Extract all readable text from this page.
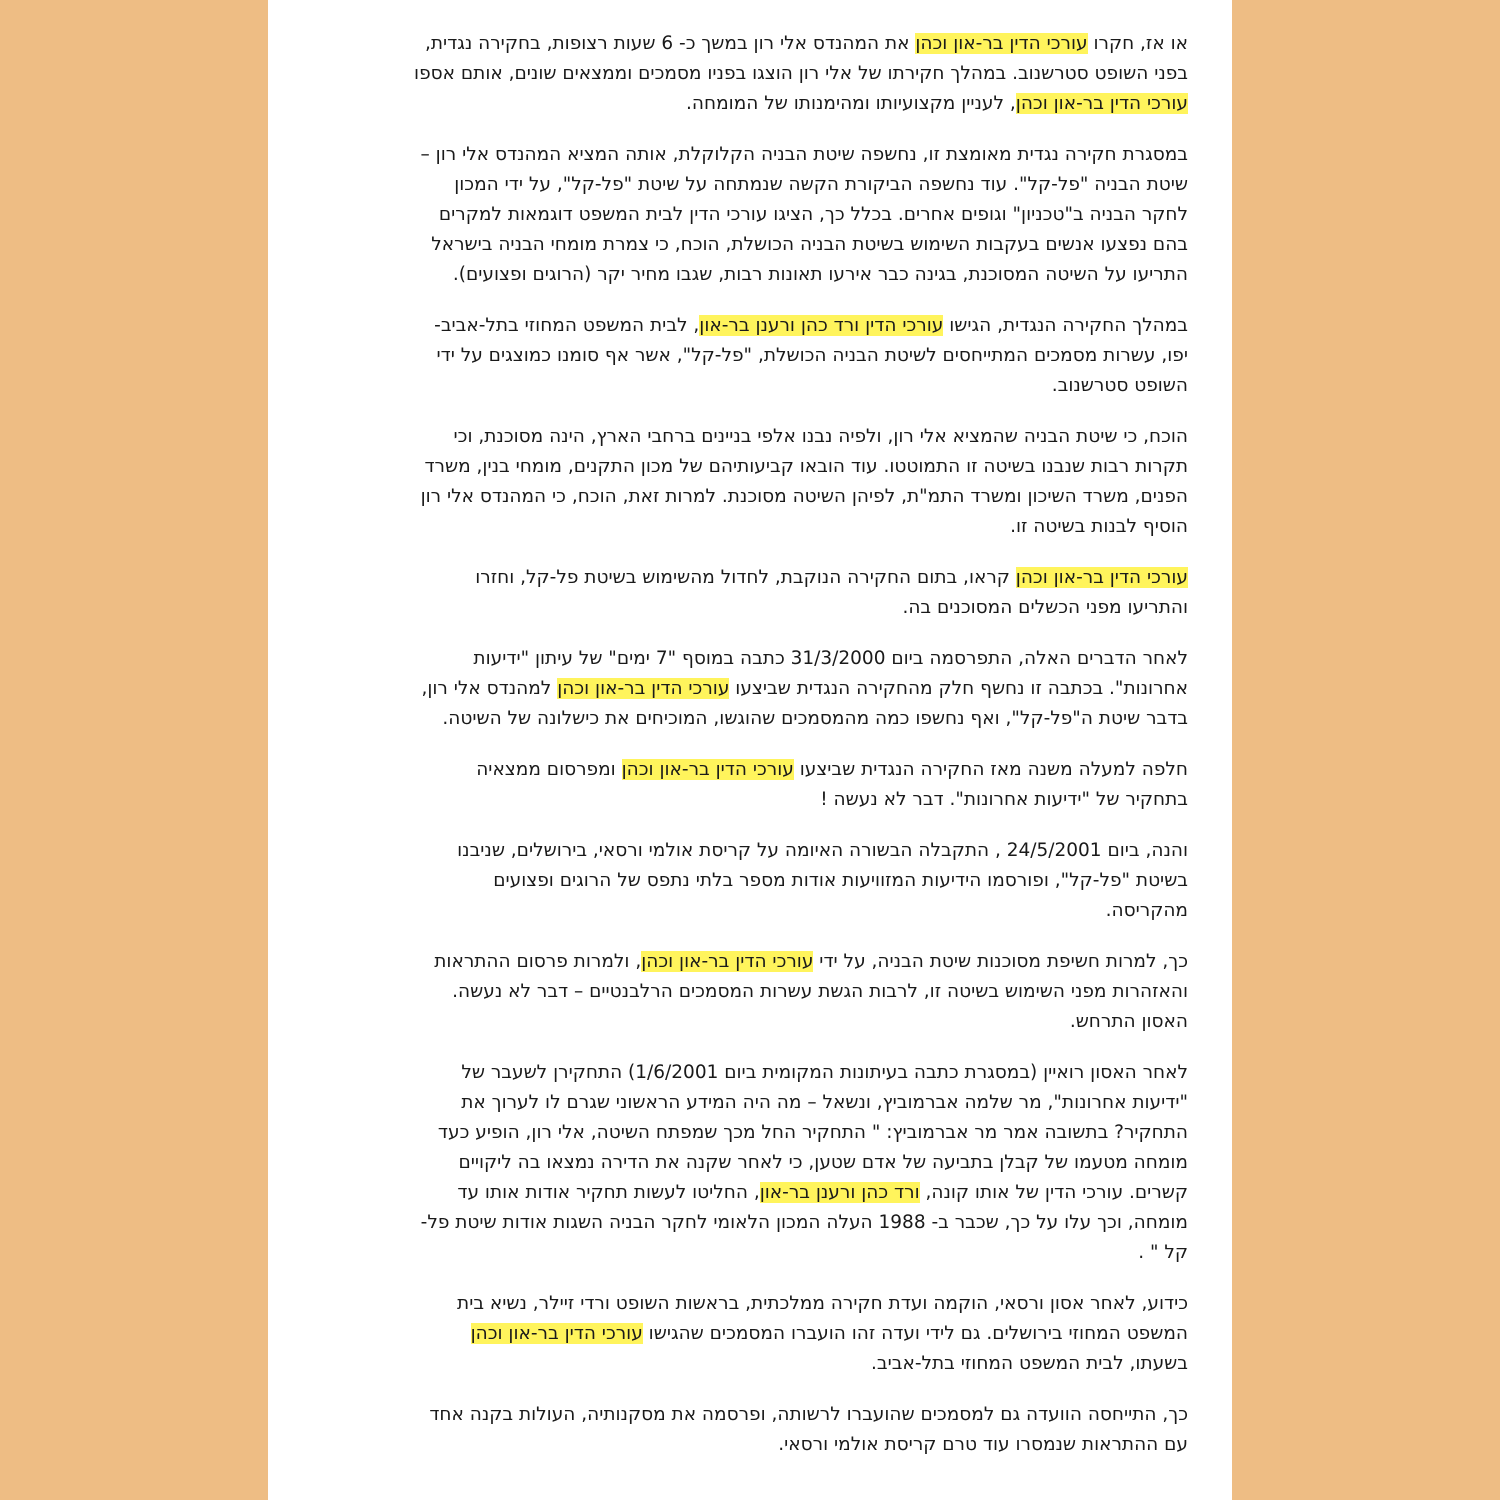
או אז, חקרו עורכי הדין בר-און וכהן את המהנדס אלי רון במשך כ- 6 שעות רצופות, בחקירה נגדית,
בפני השופט סטרשנוב. במהלך חקירתו של אלי רון הוצגו בפניו מסמכים וממצאים שונים, אותם אספו
עורכי הדין בר-און וכהן, לעניין מקצועיותו ומהימנותו של המומחה.
במסגרת חקירה נגדית מאומצת זו, נחשפה שיטת הבניה הקלוקלת, אותה המציא המהנדס אלי רון –
שיטת הבניה "פל-קל". עוד נחשפה הביקורת הקשה שנמתחה על שיטת "פל-קל", על ידי המכון
לחקר הבניה ב"טכניון" וגופים אחרים. בכלל כך, הציגו עורכי הדין לבית המשפט דוגמאות למקרים
בהם נפצעו אנשים בעקבות השימוש בשיטת הבניה הכושלת, הוכח, כי צמרת מומחי הבניה בישראל
התריעו על השיטה המסוכנת, בגינה כבר אירעו תאונות רבות, שגבו מחיר יקר (הרוגים ופצועים).
במהלך החקירה הנגדית, הגישו עורכי הדין ורד כהן ורענן בר-און, לבית המשפט המחוזי בתל-אביב-
יפו, עשרות מסמכים המתייחסים לשיטת הבניה הכושלת, "פל-קל", אשר אף סומנו כמוצגים על ידי
השופט סטרשנוב.
הוכח, כי שיטת הבניה שהמציא אלי רון, ולפיה נבנו אלפי בניינים ברחבי הארץ, הינה מסוכנת, וכי
תקרות רבות שנבנו בשיטה זו התמוטטו. עוד הובאו קביעותיהם של מכון התקנים, מומחי בנין, משרד
הפנים, משרד השיכון ומשרד התמ"ת, לפיהן השיטה מסוכנת. למרות זאת, הוכח, כי המהנדס אלי רון
הוסיף לבנות בשיטה זו.
עורכי הדין בר-און וכהן קראו, בתום החקירה הנוקבת, לחדול מהשימוש בשיטת פל-קל, וחזרו
והתריעו מפני הכשלים המסוכנים בה.
לאחר הדברים האלה, התפרסמה ביום 31/3/2000 כתבה במוסף "7 ימים" של עיתון "ידיעות
אחרונות". בכתבה זו נחשף חלק מהחקירה הנגדית שביצעו עורכי הדין בר-און וכהן למהנדס אלי רון,
בדבר שיטת ה"פל-קל", ואף נחשפו כמה מהמסמכים שהוגשו, המוכיחים את כישלונה של השיטה.
חלפה למעלה משנה מאז החקירה הנגדית שביצעו עורכי הדין בר-און וכהן ומפרסום ממצאיה
בתחקיר של "ידיעות אחרונות". דבר לא נעשה !
והנה, ביום 24/5/2001 , התקבלה הבשורה האיומה על קריסת אולמי ורסאי, בירושלים, שניבנו
בשיטת "פל-קל", ופורסמו הידיעות המזוויעות אודות מספר בלתי נתפס של הרוגים ופצועים
מהקריסה.
כך, למרות חשיפת מסוכנות שיטת הבניה, על ידי עורכי הדין בר-און וכהן, ולמרות פרסום ההתראות
והאזהרות מפני השימוש בשיטה זו, לרבות הגשת עשרות המסמכים הרלבנטיים – דבר לא נעשה.
האסון התרחש.
לאחר האסון רואיין (במסגרת כתבה בעיתונות המקומית ביום 1/6/2001) התחקירן לשעבר של
"ידיעות אחרונות", מר שלמה אברמוביץ, ונשאל – מה היה המידע הראשוני שגרם לו לערוך את
התחקיר? בתשובה אמר מר אברמוביץ: " התחקיר החל מכך שמפתח השיטה, אלי רון, הופיע כעד
מומחה מטעמו של קבלן בתביעה של אדם שטען, כי לאחר שקנה את הדירה נמצאו בה ליקויים
קשרים. עורכי הדין של אותו קונה, ורד כהן ורענן בר-און, החליטו לעשות תחקיר אודות אותו עד
מומחה, וכך עלו על כך, שכבר ב- 1988 העלה המכון הלאומי לחקר הבניה השגות אודות שיטת פל-
קל " .
כידוע, לאחר אסון ורסאי, הוקמה ועדת חקירה ממלכתית, בראשות השופט ורדי זיילר, נשיא בית
המשפט המחוזי בירושלים. גם לידי ועדה זהו הועברו המסמכים שהגישו עורכי הדין בר-און וכהן
בשעתו, לבית המשפט המחוזי בתל-אביב.
כך, התייחסה הוועדה גם למסמכים שהועברו לרשותה, ופרסמה את מסקנותיה, העולות בקנה אחד
עם ההתראות שנמסרו עוד טרם קריסת אולמי ורסאי.
